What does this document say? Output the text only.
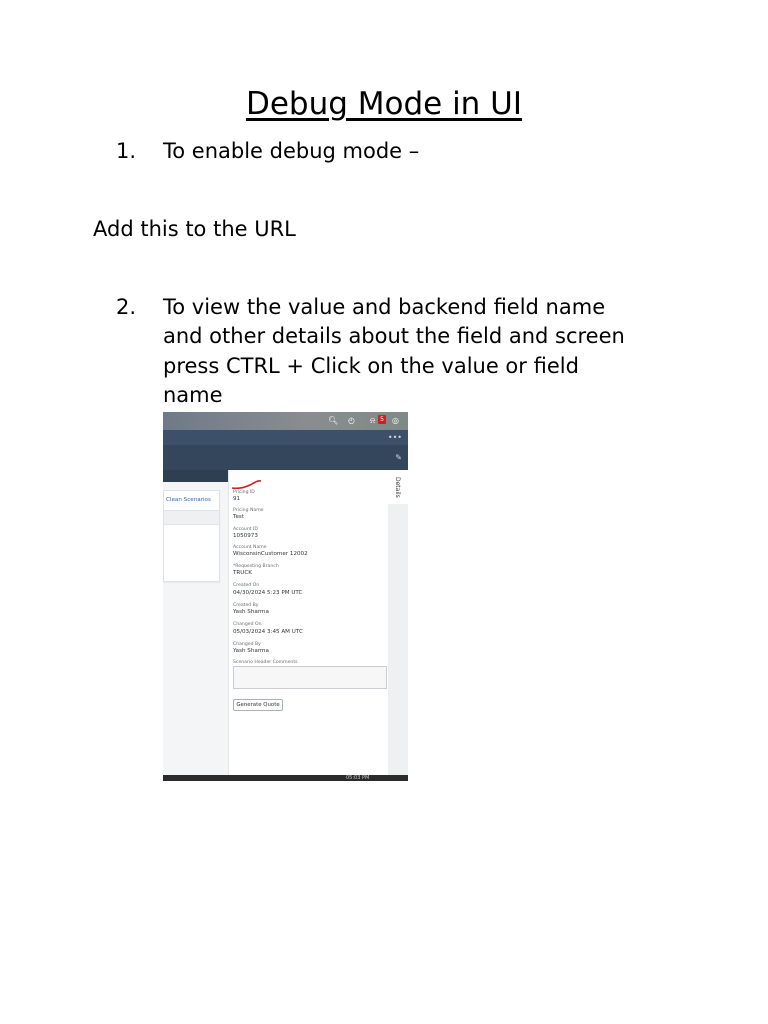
Debug Mode in UI
1. To enable debug mode –
Add this to the URL
2. To view the value and backend field name
and other details about the field and screen
press CTRL + Click on the value or field
name
🔍︎ ◴ ⍾ 5 ◎
•••
✎
Clean Scenarios
Pricing ID
91
Pricing Name
Test
Account ID
1050973
Account Name
WisconsinCustomer 12002
*Requesting Branch
TRUCK
Created On
04/30/2024 5:23 PM UTC
Created By
Yash Sharma
Changed On
05/03/2024 3:45 AM UTC
Changed By
Yash Sharma
Scenario Header Comments
Generate Quote
Details
05:03 PM
